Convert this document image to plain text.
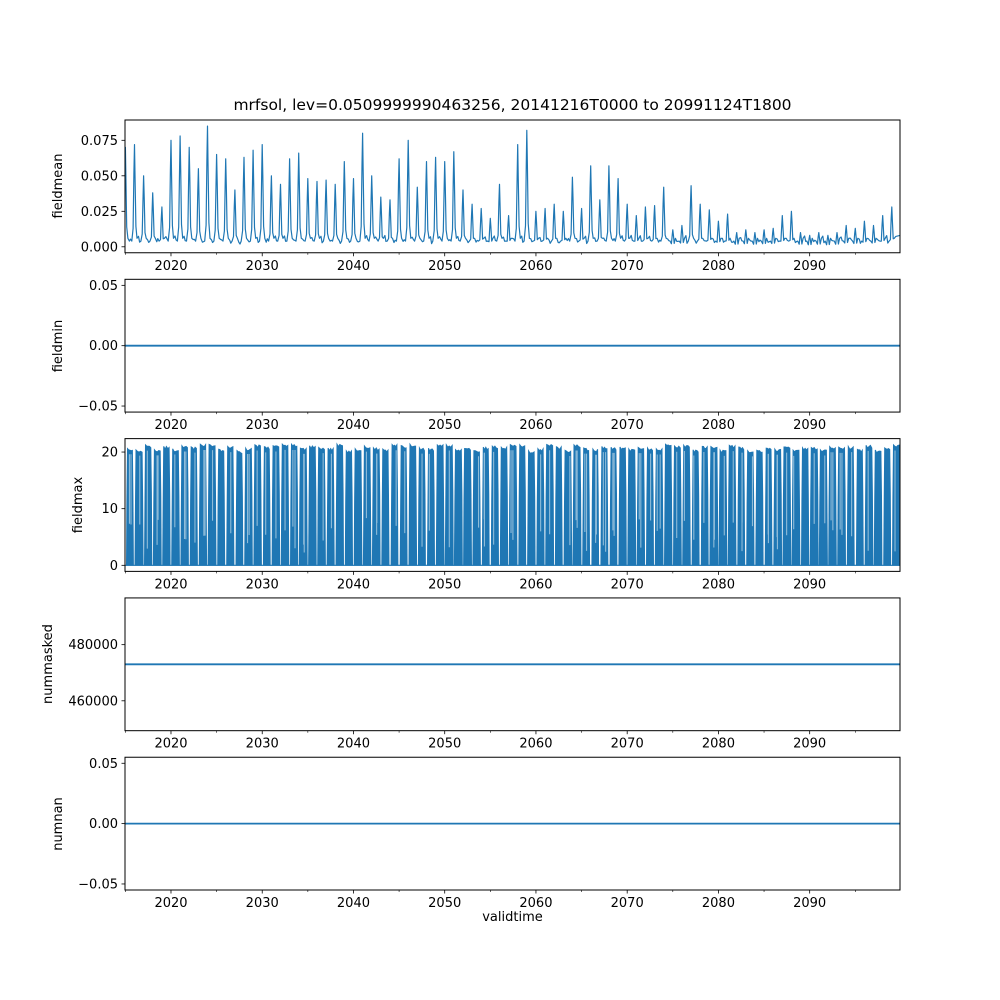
2020	2030	2040	2050	2060	2070	2080	2090
0.000
0.025
0.050
0.075
2020	2030	2040	2050	2060	2070	2080	2090
−0.05
0.00
0.05
2020	2030	2040	2050	2060	2070	2080	2090
0
10
20
2020	2030	2040	2050	2060	2070	2080	2090
460000
480000
2020	2030	2040	2050	2060	2070	2080	2090
−0.05
0.00
0.05
mrfsol, lev=0.0509999990463256, 20141216T0000 to 20991124T1800
validtime
fieldmean
fieldmin
fieldmax
nummasked
numnan
